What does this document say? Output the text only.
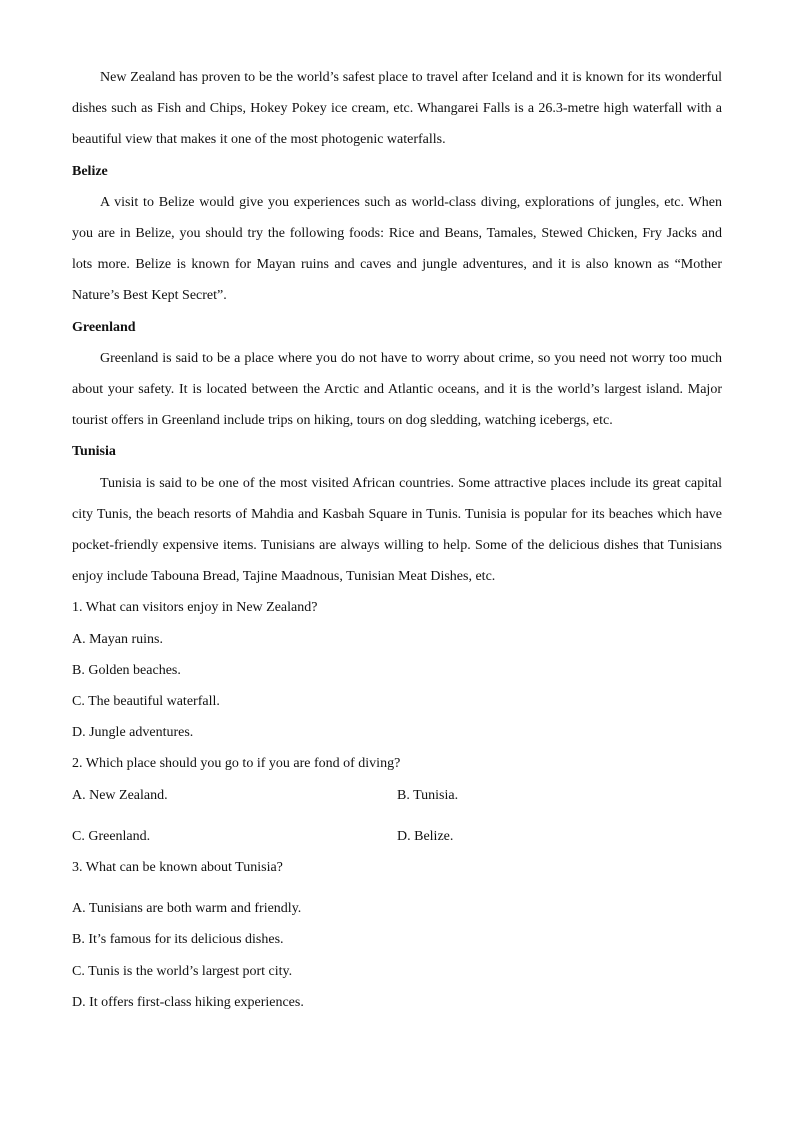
New Zealand has proven to be the world’s safest place to travel after Iceland and it is known for its wonderful dishes such as Fish and Chips, Hokey Pokey ice cream, etc. Whangarei Falls is a 26.3-metre high waterfall with a beautiful view that makes it one of the most photogenic waterfalls.

Belize

A visit to Belize would give you experiences such as world-class diving, explorations of jungles, etc. When you are in Belize, you should try the following foods: Rice and Beans, Tamales, Stewed Chicken, Fry Jacks and lots more. Belize is known for Mayan ruins and caves and jungle adventures, and it is also known as “Mother Nature’s Best Kept Secret”.

Greenland

Greenland is said to be a place where you do not have to worry about crime, so you need not worry too much about your safety. It is located between the Arctic and Atlantic oceans, and it is the world’s largest island. Major tourist offers in Greenland include trips on hiking, tours on dog sledding, watching icebergs, etc.

Tunisia

Tunisia is said to be one of the most visited African countries. Some attractive places include its great capital city Tunis, the beach resorts of Mahdia and Kasbah Square in Tunis. Tunisia is popular for its beaches which have pocket-friendly expensive items. Tunisians are always willing to help. Some of the delicious dishes that Tunisians enjoy include Tabouna Bread, Tajine Maadnous, Tunisian Meat Dishes, etc.

1. What can visitors enjoy in New Zealand?

A. Mayan ruins.

B. Golden beaches.

C. The beautiful waterfall.

D. Jungle adventures.

2. Which place should you go to if you are fond of diving?

A. New Zealand.	B. Tunisia.
C. Greenland.	D. Belize.

3. What can be known about Tunisia?

A. Tunisians are both warm and friendly.

B. It’s famous for its delicious dishes.

C. Tunis is the world’s largest port city.

D. It offers first-class hiking experiences.
